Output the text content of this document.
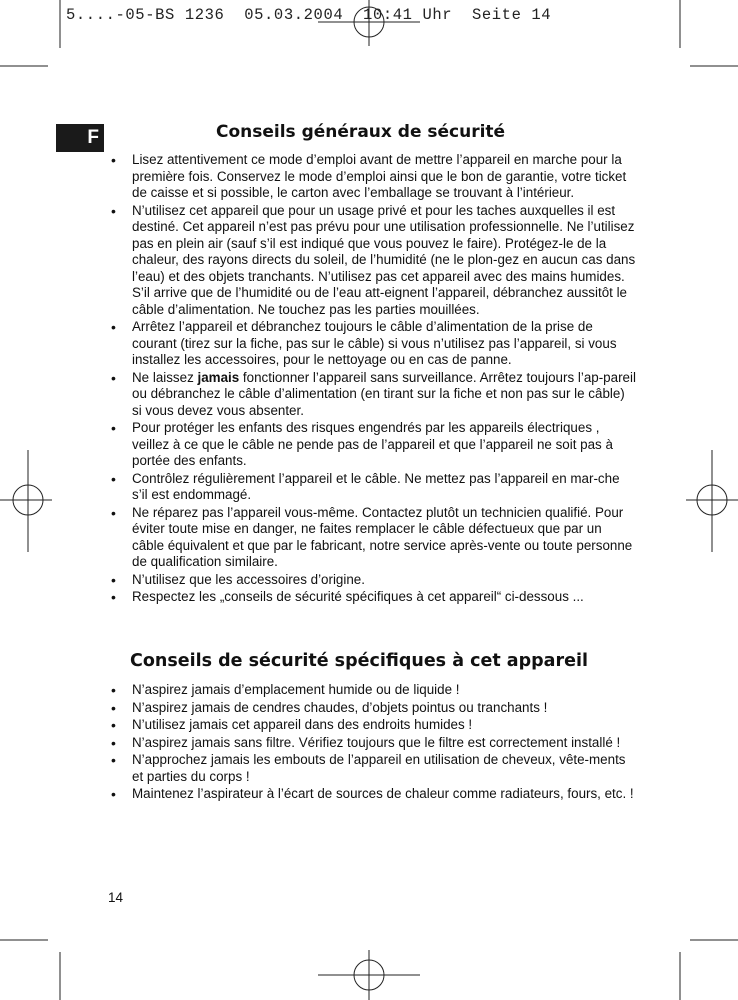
5....-05-BS 1236  05.03.2004  10:41 Uhr  Seite 14
F	Conseils généraux de sécurité
• Lisez attentivement ce mode d’emploi avant de mettre l’appareil en marche pour la première fois. Conservez le mode d’emploi ainsi que le bon de garantie, votre ticket de caisse et si possible, le carton avec l’emballage se trouvant à l’intérieur.
• N’utilisez cet appareil que pour un usage privé et pour les taches auxquelles il est destiné. Cet appareil n’est pas prévu pour une utilisation professionnelle. Ne l’utilisez pas en plein air (sauf s’il est indiqué que vous pouvez le faire). Protégez-le de la chaleur, des rayons directs du soleil, de l’humidité (ne le plon-gez en aucun cas dans l’eau) et des objets tranchants. N’utilisez pas cet appareil avec des mains humides. S’il arrive que de l’humidité ou de l’eau att-eignent l’appareil, débranchez aussitôt le câble d’alimentation. Ne touchez pas les parties mouillées.
• Arrêtez l’appareil et débranchez toujours le câble d’alimentation de la prise de courant (tirez sur la fiche, pas sur le câble) si vous n’utilisez pas l’appareil, si vous installez les accessoires, pour le nettoyage ou en cas de panne.
• Ne laissez jamais fonctionner l’appareil sans surveillance. Arrêtez toujours l’ap-pareil ou débranchez le câble d’alimentation (en tirant sur la fiche et non pas sur le câble) si vous devez vous absenter.
• Pour protéger les enfants des risques engendrés par les appareils électriques , veillez à ce que le câble ne pende pas de l’appareil et que l’appareil ne soit pas à portée des enfants.
• Contrôlez régulièrement l’appareil et le câble. Ne mettez pas l’appareil en mar-che s’il est endommagé.
• Ne réparez pas l’appareil vous-même. Contactez plutôt un technicien qualifié. Pour éviter toute mise en danger, ne faites remplacer le câble défectueux que par un câble équivalent et que par le fabricant, notre service après-vente ou toute personne de qualification similaire.
• N’utilisez que les accessoires d’origine.
• Respectez les „conseils de sécurité spécifiques à cet appareil“ ci-dessous ...
Conseils de sécurité spécifiques à cet appareil
• N’aspirez jamais d’emplacement humide ou de liquide !
• N’aspirez jamais de cendres chaudes, d’objets pointus ou tranchants !
• N’utilisez jamais cet appareil dans des endroits humides !
• N’aspirez jamais sans filtre. Vérifiez toujours que le filtre est correctement installé !
• N’approchez jamais les embouts de l’appareil en utilisation de cheveux, vête-ments et parties du corps !
• Maintenez l’aspirateur à l’écart de sources de chaleur comme radiateurs, fours, etc. !
14
